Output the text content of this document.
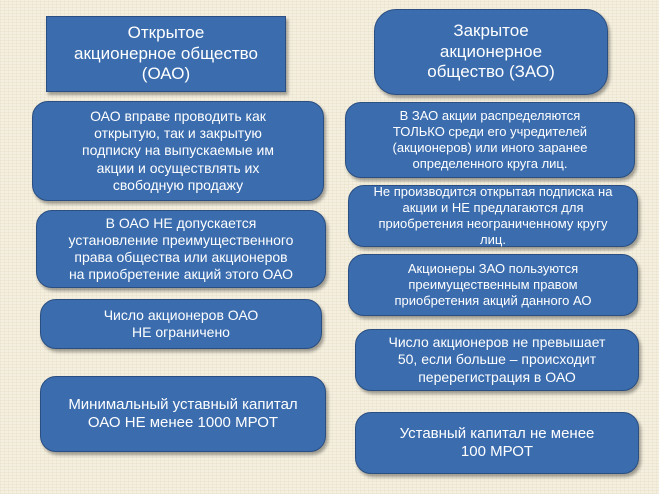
Открытое
акционерное общество
(ОАО)
ОАО вправе проводить как
открытую, так и закрытую
подписку на выпускаемые им
акции и осуществлять их
свободную продажу
В ОАО НЕ допускается
установление преимущественного
права общества или акционеров
на приобретение акций этого ОАО
Число акционеров ОАО
НЕ ограничено
Минимальный уставный капитал
ОАО НЕ менее 1000 МРОТ
Закрытое
акционерное
общество (ЗАО)
В ЗАО акции распределяются
ТОЛЬКО среди его учредителей
(акционеров) или иного заранее
определенного круга лиц.
Не производится открытая подписка на
акции и НЕ предлагаются для
приобретения неограниченному кругу
лиц.
Акционеры ЗАО пользуются
преимущественным правом
приобретения акций данного АО
Число акционеров не превышает
50, если больше – происходит
перерегистрация в ОАО
Уставный капитал не менее
100 МРОТ
